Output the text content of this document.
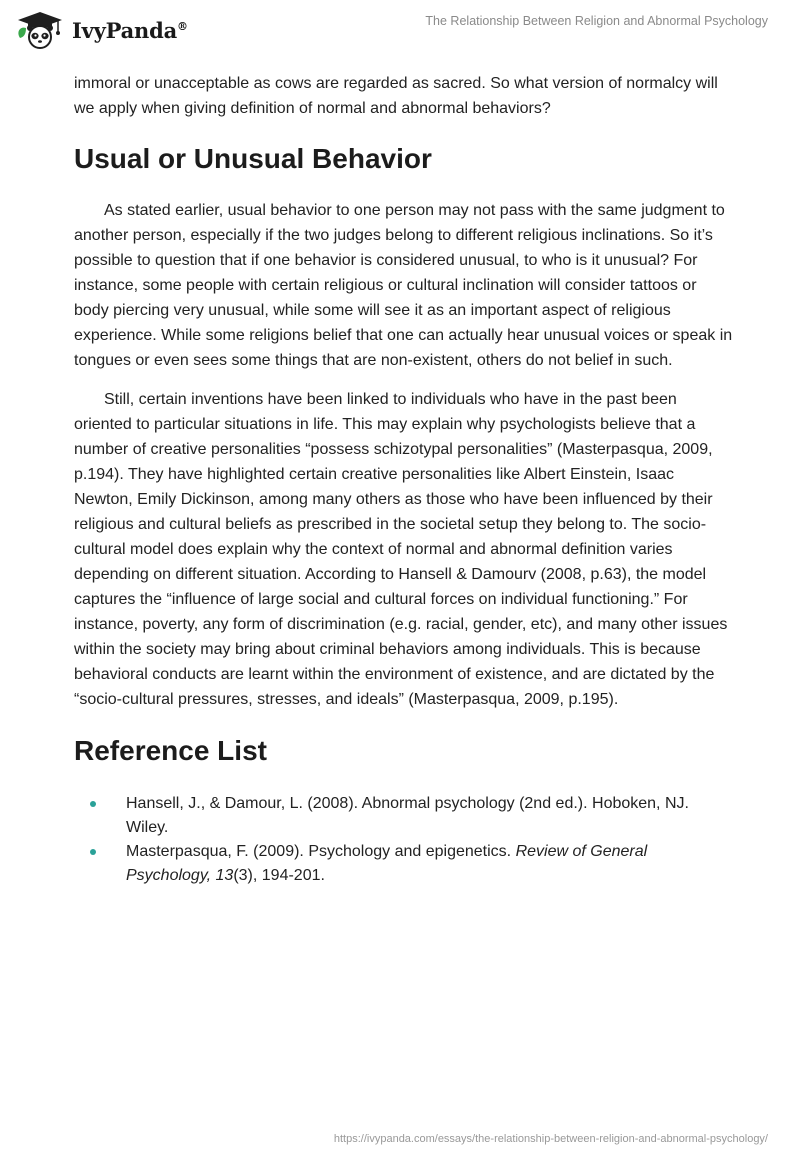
IvyPanda®	The Relationship Between Religion and Abnormal Psychology

immoral or unacceptable as cows are regarded as sacred. So what version of normalcy will we apply when giving definition of normal and abnormal behaviors?

Usual or Unusual Behavior

As stated earlier, usual behavior to one person may not pass with the same judgment to another person, especially if the two judges belong to different religious inclinations. So it’s possible to question that if one behavior is considered unusual, to who is it unusual? For instance, some people with certain religious or cultural inclination will consider tattoos or body piercing very unusual, while some will see it as an important aspect of religious experience. While some religions belief that one can actually hear unusual voices or speak in tongues or even sees some things that are non-existent, others do not belief in such.

Still, certain inventions have been linked to individuals who have in the past been oriented to particular situations in life. This may explain why psychologists believe that a number of creative personalities “possess schizotypal personalities” (Masterpasqua, 2009, p.194). They have highlighted certain creative personalities like Albert Einstein, Isaac Newton, Emily Dickinson, among many others as those who have been influenced by their religious and cultural beliefs as prescribed in the societal setup they belong to. The socio-cultural model does explain why the context of normal and abnormal definition varies depending on different situation. According to Hansell & Damourv (2008, p.63), the model captures the “influence of large social and cultural forces on individual functioning.” For instance, poverty, any form of discrimination (e.g. racial, gender, etc), and many other issues within the society may bring about criminal behaviors among individuals. This is because behavioral conducts are learnt within the environment of existence, and are dictated by the “socio-cultural pressures, stresses, and ideals” (Masterpasqua, 2009, p.195).

Reference List
Hansell, J., & Damour, L. (2008). Abnormal psychology (2nd ed.). Hoboken, NJ. Wiley.
Masterpasqua, F. (2009). Psychology and epigenetics. Review of General Psychology, 13(3), 194-201.
https://ivypanda.com/essays/the-relationship-between-religion-and-abnormal-psychology/
